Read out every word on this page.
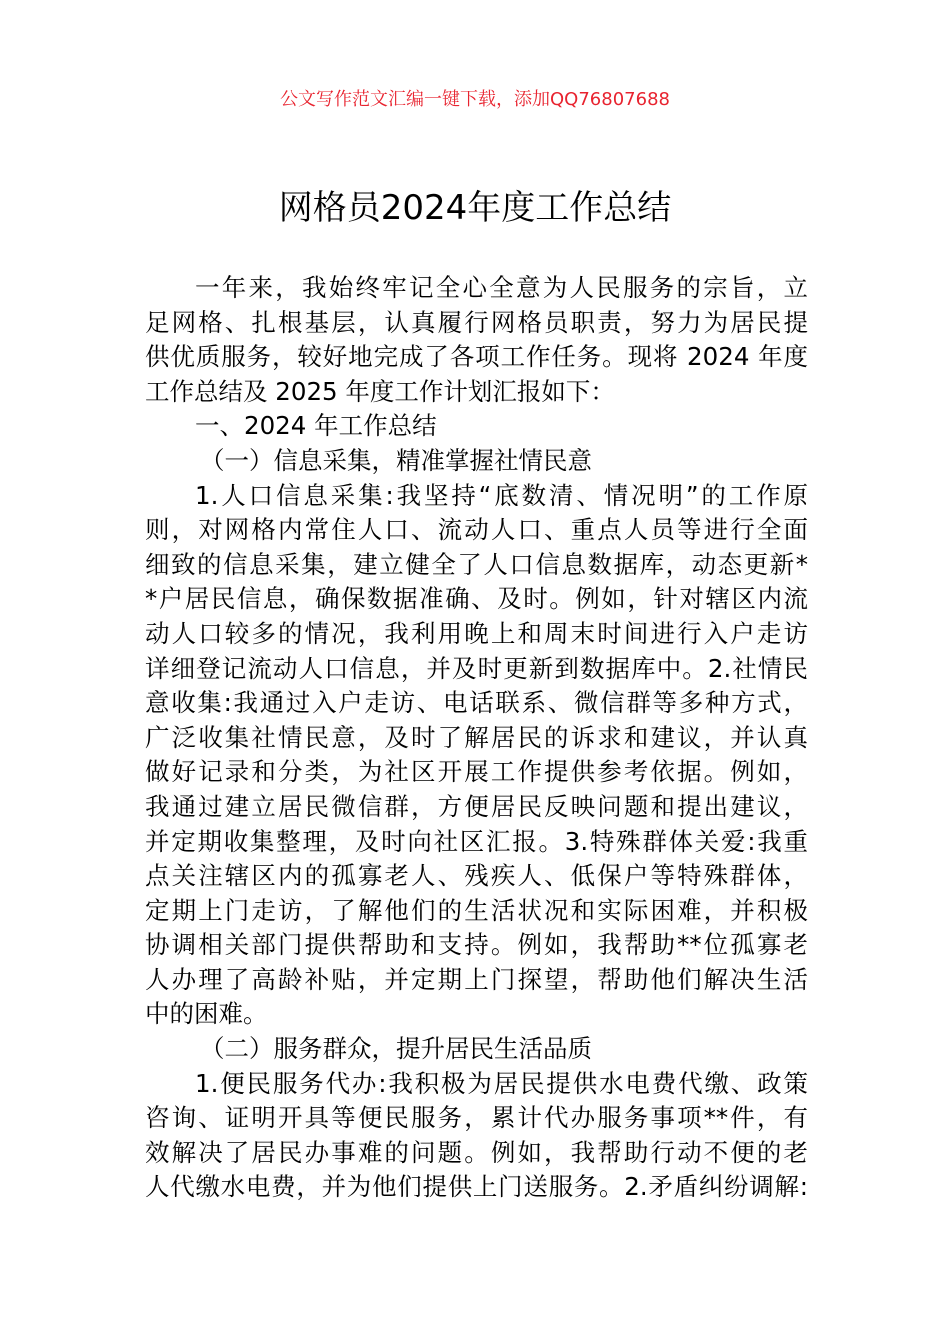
公文写作范文汇编一键下载，添加QQ76807688
网格员2024年度工作总结
一年来，我始终牢记全心全意为人民服务的宗旨，立
足网格、扎根基层，认真履行网格员职责，努力为居民提
供优质服务，较好地完成了各项工作任务。现将 2024 年度
工作总结及 2025 年度工作计划汇报如下：
一、2024 年工作总结
（一）信息采集，精准掌握社情民意
1.人口信息采集:我坚持“底数清、情况明”的工作原
则，对网格内常住人口、流动人口、重点人员等进行全面
细致的信息采集，建立健全了人口信息数据库，动态更新*
*户居民信息，确保数据准确、及时。例如，针对辖区内流
动人口较多的情况，我利用晚上和周末时间进行入户走访
详细登记流动人口信息，并及时更新到数据库中。2.社情民
意收集:我通过入户走访、电话联系、微信群等多种方式，
广泛收集社情民意，及时了解居民的诉求和建议，并认真
做好记录和分类，为社区开展工作提供参考依据。例如，
我通过建立居民微信群，方便居民反映问题和提出建议，
并定期收集整理，及时向社区汇报。3.特殊群体关爱:我重
点关注辖区内的孤寡老人、残疾人、低保户等特殊群体，
定期上门走访，了解他们的生活状况和实际困难，并积极
协调相关部门提供帮助和支持。例如，我帮助**位孤寡老
人办理了高龄补贴，并定期上门探望，帮助他们解决生活
中的困难。
（二）服务群众，提升居民生活品质
1.便民服务代办:我积极为居民提供水电费代缴、政策
咨询、证明开具等便民服务，累计代办服务事项**件，有
效解决了居民办事难的问题。例如，我帮助行动不便的老
人代缴水电费，并为他们提供上门送服务。2.矛盾纠纷调解:
